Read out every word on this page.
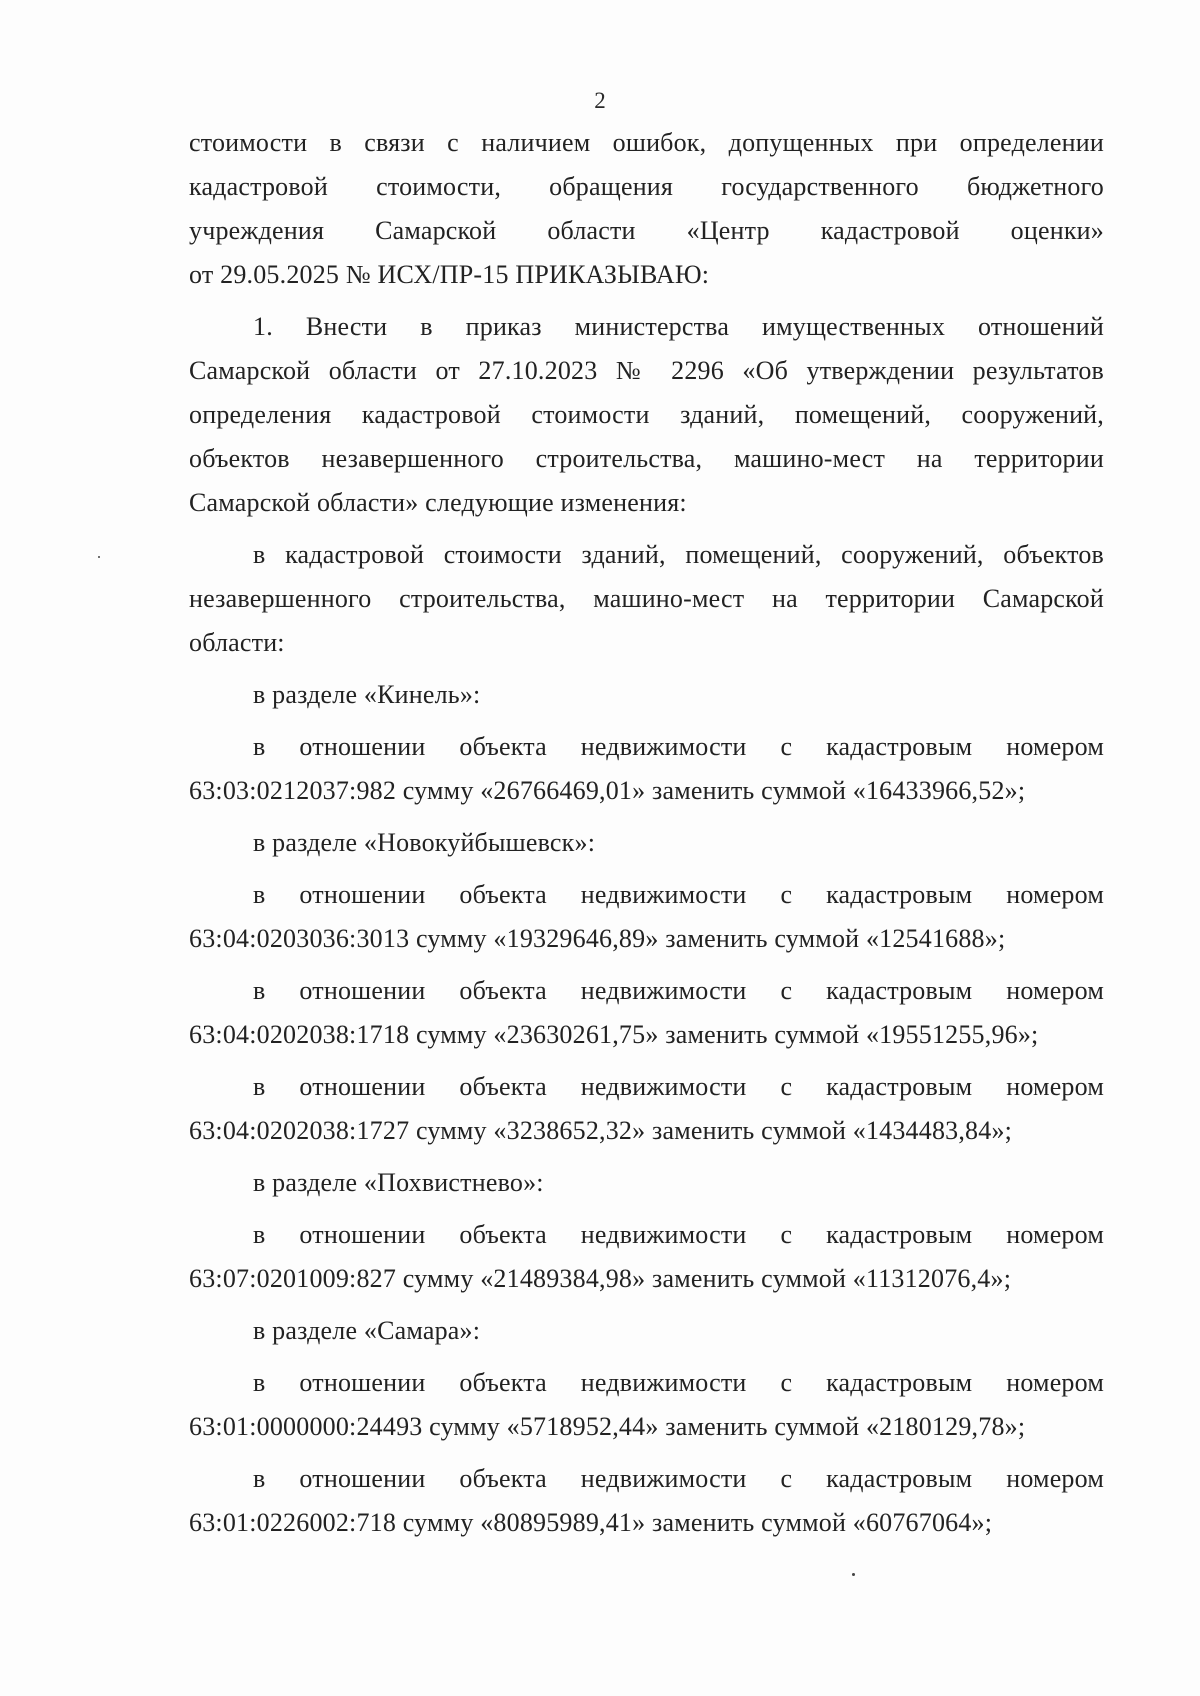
2
стоимости в связи с наличием ошибок, допущенных при определении
кадастровой стоимости, обращения государственного бюджетного
учреждения Самарской области «Центр кадастровой оценки»
от 29.05.2025 № ИСХ/ПР-15 ПРИКАЗЫВАЮ:
1. Внести в приказ министерства имущественных отношений
Самарской области от 27.10.2023 № 2296 «Об утверждении результатов
определения кадастровой стоимости зданий, помещений, сооружений,
объектов незавершенного строительства, машино-мест на территории
Самарской области» следующие изменения:
в кадастровой стоимости зданий, помещений, сооружений, объектов
незавершенного строительства, машино-мест на территории Самарской
области:
в разделе «Кинель»:
в отношении объекта недвижимости с кадастровым номером
63:03:0212037:982 сумму «26766469,01» заменить суммой «16433966,52»;
в разделе «Новокуйбышевск»:
в отношении объекта недвижимости с кадастровым номером
63:04:0203036:3013 сумму «19329646,89» заменить суммой «12541688»;
в отношении объекта недвижимости с кадастровым номером
63:04:0202038:1718 сумму «23630261,75» заменить суммой «19551255,96»;
в отношении объекта недвижимости с кадастровым номером
63:04:0202038:1727 сумму «3238652,32» заменить суммой «1434483,84»;
в разделе «Похвистнево»:
в отношении объекта недвижимости с кадастровым номером
63:07:0201009:827 сумму «21489384,98» заменить суммой «11312076,4»;
в разделе «Самара»:
в отношении объекта недвижимости с кадастровым номером
63:01:0000000:24493 сумму «5718952,44» заменить суммой «2180129,78»;
в отношении объекта недвижимости с кадастровым номером
63:01:0226002:718 сумму «80895989,41» заменить суммой «60767064»;
